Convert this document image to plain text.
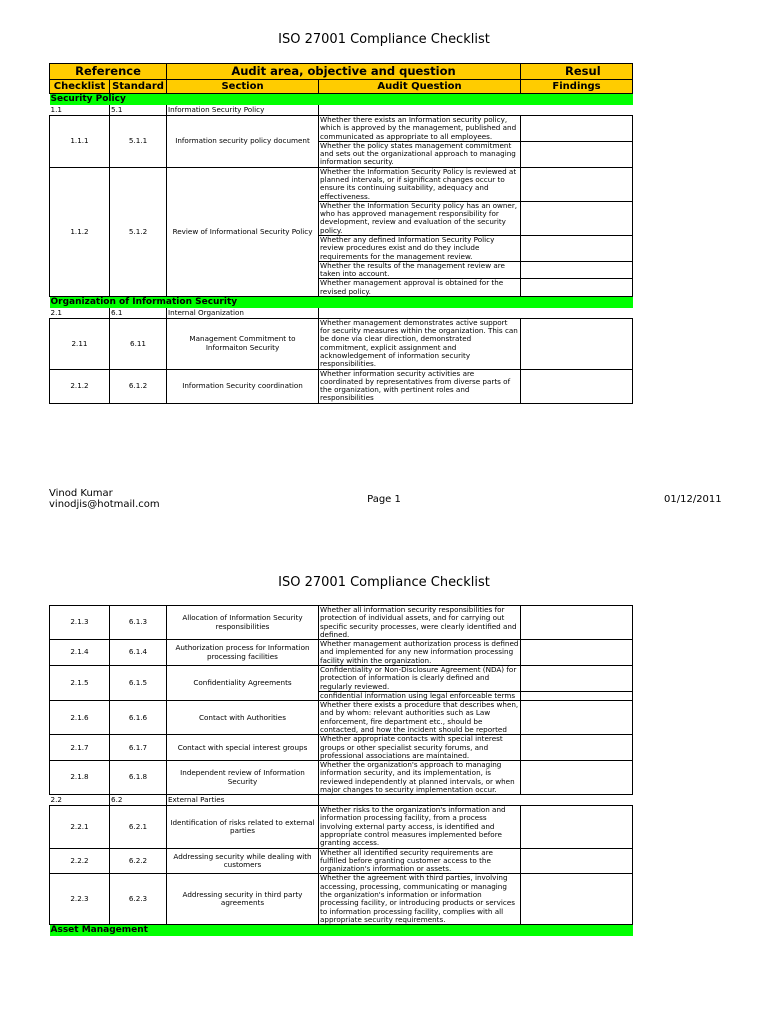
ISO 27001 Compliance Checklist
Reference		Audit area, objective and question		Resul
Checklist	Standard	Section	Audit Question	Findings
Security Policy				
1.1	5.1	Information Security Policy		
1.1.1	5.1.1	Information security policy document	Whether there exists an Information security policy, which is approved by the management, published and communicated as appropriate to all employees.	
			Whether the policy states management commitment and sets out the organizational approach to managing information security.	
1.1.2	5.1.2	Review of Informational Security Policy	Whether the Information Security Policy is reviewed at planned intervals, or if significant changes occur to ensure its continuing suitability, adequacy and effectiveness.	
			Whether the Information Security policy has an owner, who has approved management responsibility for development, review and evaluation of the security policy.	
			Whether any defined Information Security Policy review procedures exist and do they include requirements for the management review.	
			Whether the results of the management review are taken into account.	
			Whether management approval is obtained for the revised policy.	
Organization of Information Security				
2.1	6.1	Internal Organization		
2.11	6.11	Management Commitment to Informaiton Security	Whether management demonstrates active support for security measures within the organization. This can be done via clear direction, demonstrated commitment, explicit assignment and acknowledgement of information security responsibilities.	
2.1.2	6.1.2	Information Security coordination	Whether information security activities are coordinated by representatives from diverse parts of the organization, with pertinent roles and responsibilities	
Vinod Kumar
vinodjis@hotmail.com	Page 1	01/12/2011
ISO 27001 Compliance Checklist
2.1.3	6.1.3	Allocation of Information Security responsibilities	Whether all information security responsibilities for protection of individual assets, and for carrying out specific security processes, were clearly identified and defined.	
2.1.4	6.1.4	Authorization process for Information processing facilities	Whether management authorization process is defined and implemented for any new information processing facility within the organization.	
2.1.5	6.1.5	Confidentiality Agreements	Confidentiality or Non-Disclosure Agreement (NDA) for protection of information is clearly defined and regularly reviewed.	
			confidential information using legal enforceable terms	
2.1.6	6.1.6	Contact with Authorities	Whether there exists a procedure that describes when, and by whom: relevant authorities such as Law enforcement, fire department etc., should be contacted, and how the incident should be reported	
2.1.7	6.1.7	Contact with special interest groups	Whether appropriate contacts with special interest groups or other specialist security forums, and professional associations are maintained.	
2.1.8	6.1.8	Independent review of Information Security	Whether the organization's approach to managing information security, and its implementation, is reviewed independently at planned intervals, or when major changes to security implementation occur.	
2.2	6.2	External Parties		
2.2.1	6.2.1	Identification of risks related to external parties	Whether risks to the organization's information and information processing facility, from a process involving external party access, is identified and appropriate control measures implemented before granting access.	
2.2.2	6.2.2	Addressing security while dealing with customers	Whether all identified security requirements are fulfilled before granting customer access to the organization's information or assets.	
2.2.3	6.2.3	Addressing security in third party agreements	Whether the agreement with third parties, involving accessing, processing, communicating or managing the organization's information or information processing facility, or introducing products or services to information processing facility, complies with all appropriate security requirements.	
Asset Management				
